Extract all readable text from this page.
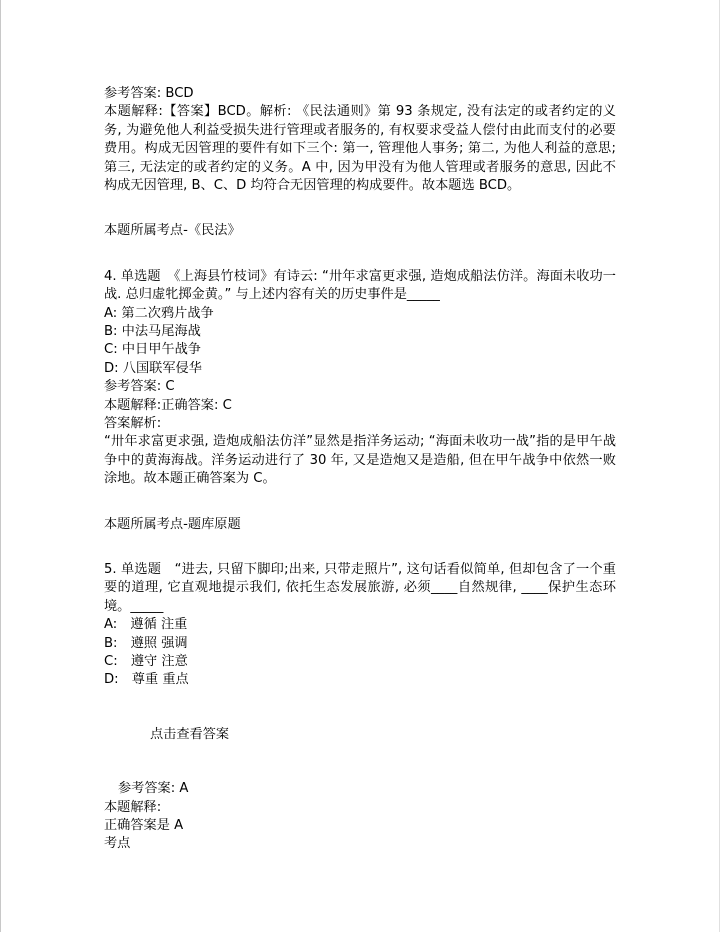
参考答案: BCD
本题解释:【答案】BCD。解析: 《民法通则》第 93 条规定, 没有法定的或者约定的义务, 为避免他人利益受损失进行管理或者服务的, 有权要求受益人偿付由此而支付的必要费用。构成无因管理的要件有如下三个: 第一, 管理他人事务; 第二, 为他人利益的意思; 第三, 无法定的或者约定的义务。A 中, 因为甲没有为他人管理或者服务的意思, 因此不构成无因管理, B、C、D 均符合无因管理的构成要件。故本题选 BCD。
本题所属考点-《民法》
4. 单选题　《上海县竹枝词》有诗云: “卅年求富更求强, 造炮成船法仿洋。海面未收功一战. 总归虚牝掷金黄。” 与上述内容有关的历史事件是_____
A: 第二次鸦片战争
B: 中法马尾海战
C: 中日甲午战争
D: 八国联军侵华
参考答案: C
本题解释:正确答案: C
答案解析:
“卅年求富更求强, 造炮成船法仿洋”显然是指洋务运动; “海面未收功一战”指的是甲午战争中的黄海海战。洋务运动进行了 30 年, 又是造炮又是造船, 但在甲午战争中依然一败涂地。故本题正确答案为 C。
本题所属考点-题库原题
5. 单选题　“进去, 只留下脚印;出来, 只带走照片”, 这句话看似简单, 但却包含了一个重要的道理, 它直观地提示我们, 依托生态发展旅游, 必须____自然规律, ____保护生态环境。_____
A:　遵循 注重
B:　遵照 强调
C:　遵守 注意
D:　尊重 重点
点击查看答案
参考答案: A
本题解释:
正确答案是 A
考点
